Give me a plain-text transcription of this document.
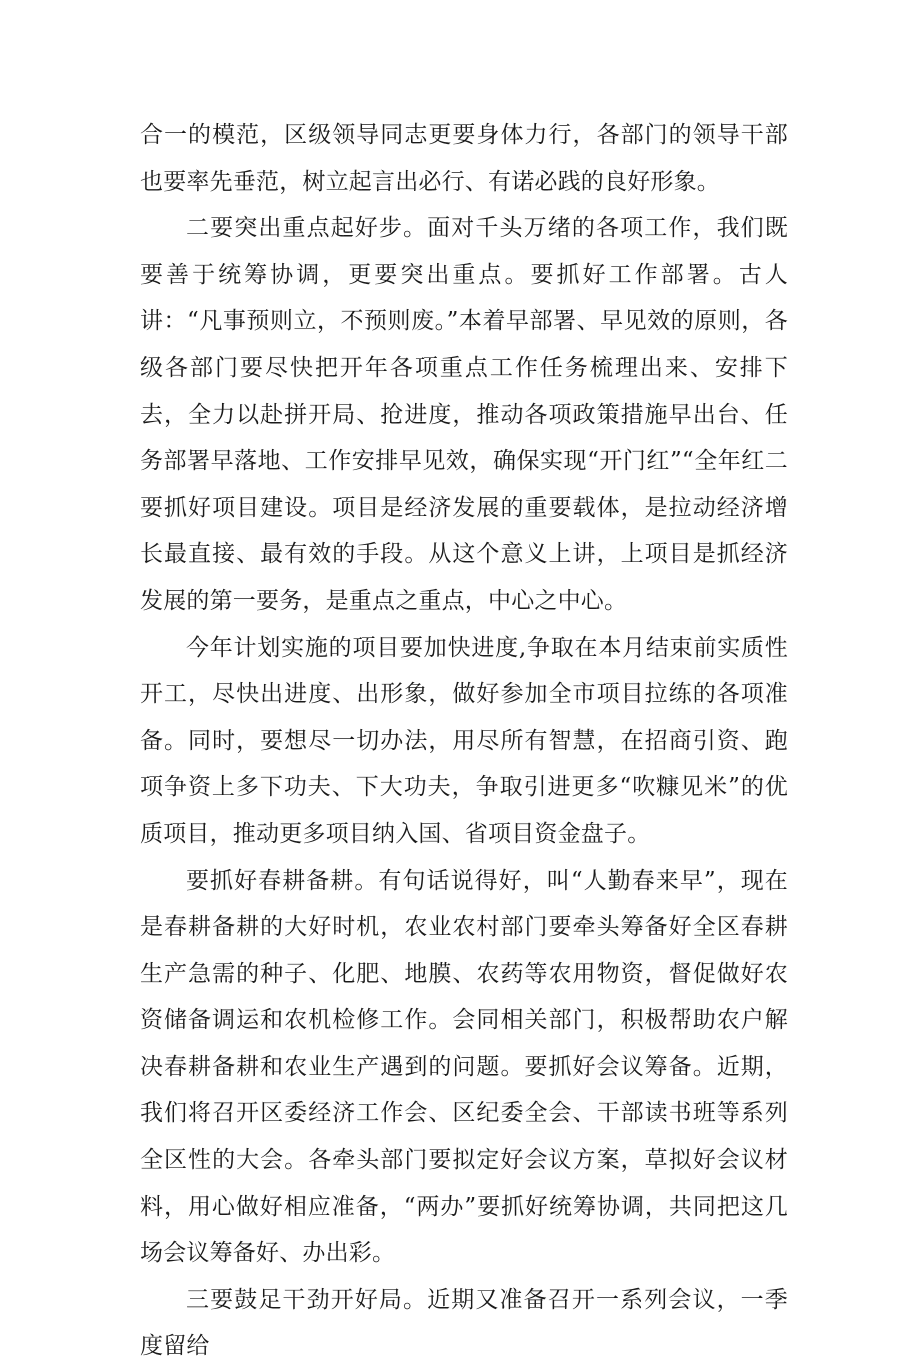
合一的模范，区级领导同志更要身体力行，各部门的领导干部也要率先垂范，树立起言出必行、有诺必践的良好形象。

二要突出重点起好步。面对千头万绪的各项工作，我们既要善于统筹协调，更要突出重点。要抓好工作部署。古人讲：“凡事预则立，不预则废。”本着早部署、早见效的原则，各级各部门要尽快把开年各项重点工作任务梳理出来、安排下去，全力以赴拼开局、抢进度，推动各项政策措施早出台、任务部署早落地、工作安排早见效，确保实现“开门红”“全年红二要抓好项目建设。项目是经济发展的重要载体，是拉动经济增长最直接、最有效的手段。从这个意义上讲，上项目是抓经济发展的第一要务，是重点之重点，中心之中心。

今年计划实施的项目要加快进度,争取在本月结束前实质性开工，尽快出进度、出形象，做好参加全市项目拉练的各项准备。同时，要想尽一切办法，用尽所有智慧，在招商引资、跑项争资上多下功夫、下大功夫，争取引进更多“吹糠见米”的优质项目，推动更多项目纳入国、省项目资金盘子。

要抓好春耕备耕。有句话说得好，叫“人勤春来早”，现在是春耕备耕的大好时机，农业农村部门要牵头筹备好全区春耕生产急需的种子、化肥、地膜、农药等农用物资，督促做好农资储备调运和农机检修工作。会同相关部门，积极帮助农户解决春耕备耕和农业生产遇到的问题。要抓好会议筹备。近期，我们将召开区委经济工作会、区纪委全会、干部读书班等系列全区性的大会。各牵头部门要拟定好会议方案，草拟好会议材料，用心做好相应准备，“两办”要抓好统筹协调，共同把这几场会议筹备好、办出彩。

三要鼓足干劲开好局。近期又准备召开一系列会议，一季度留给
